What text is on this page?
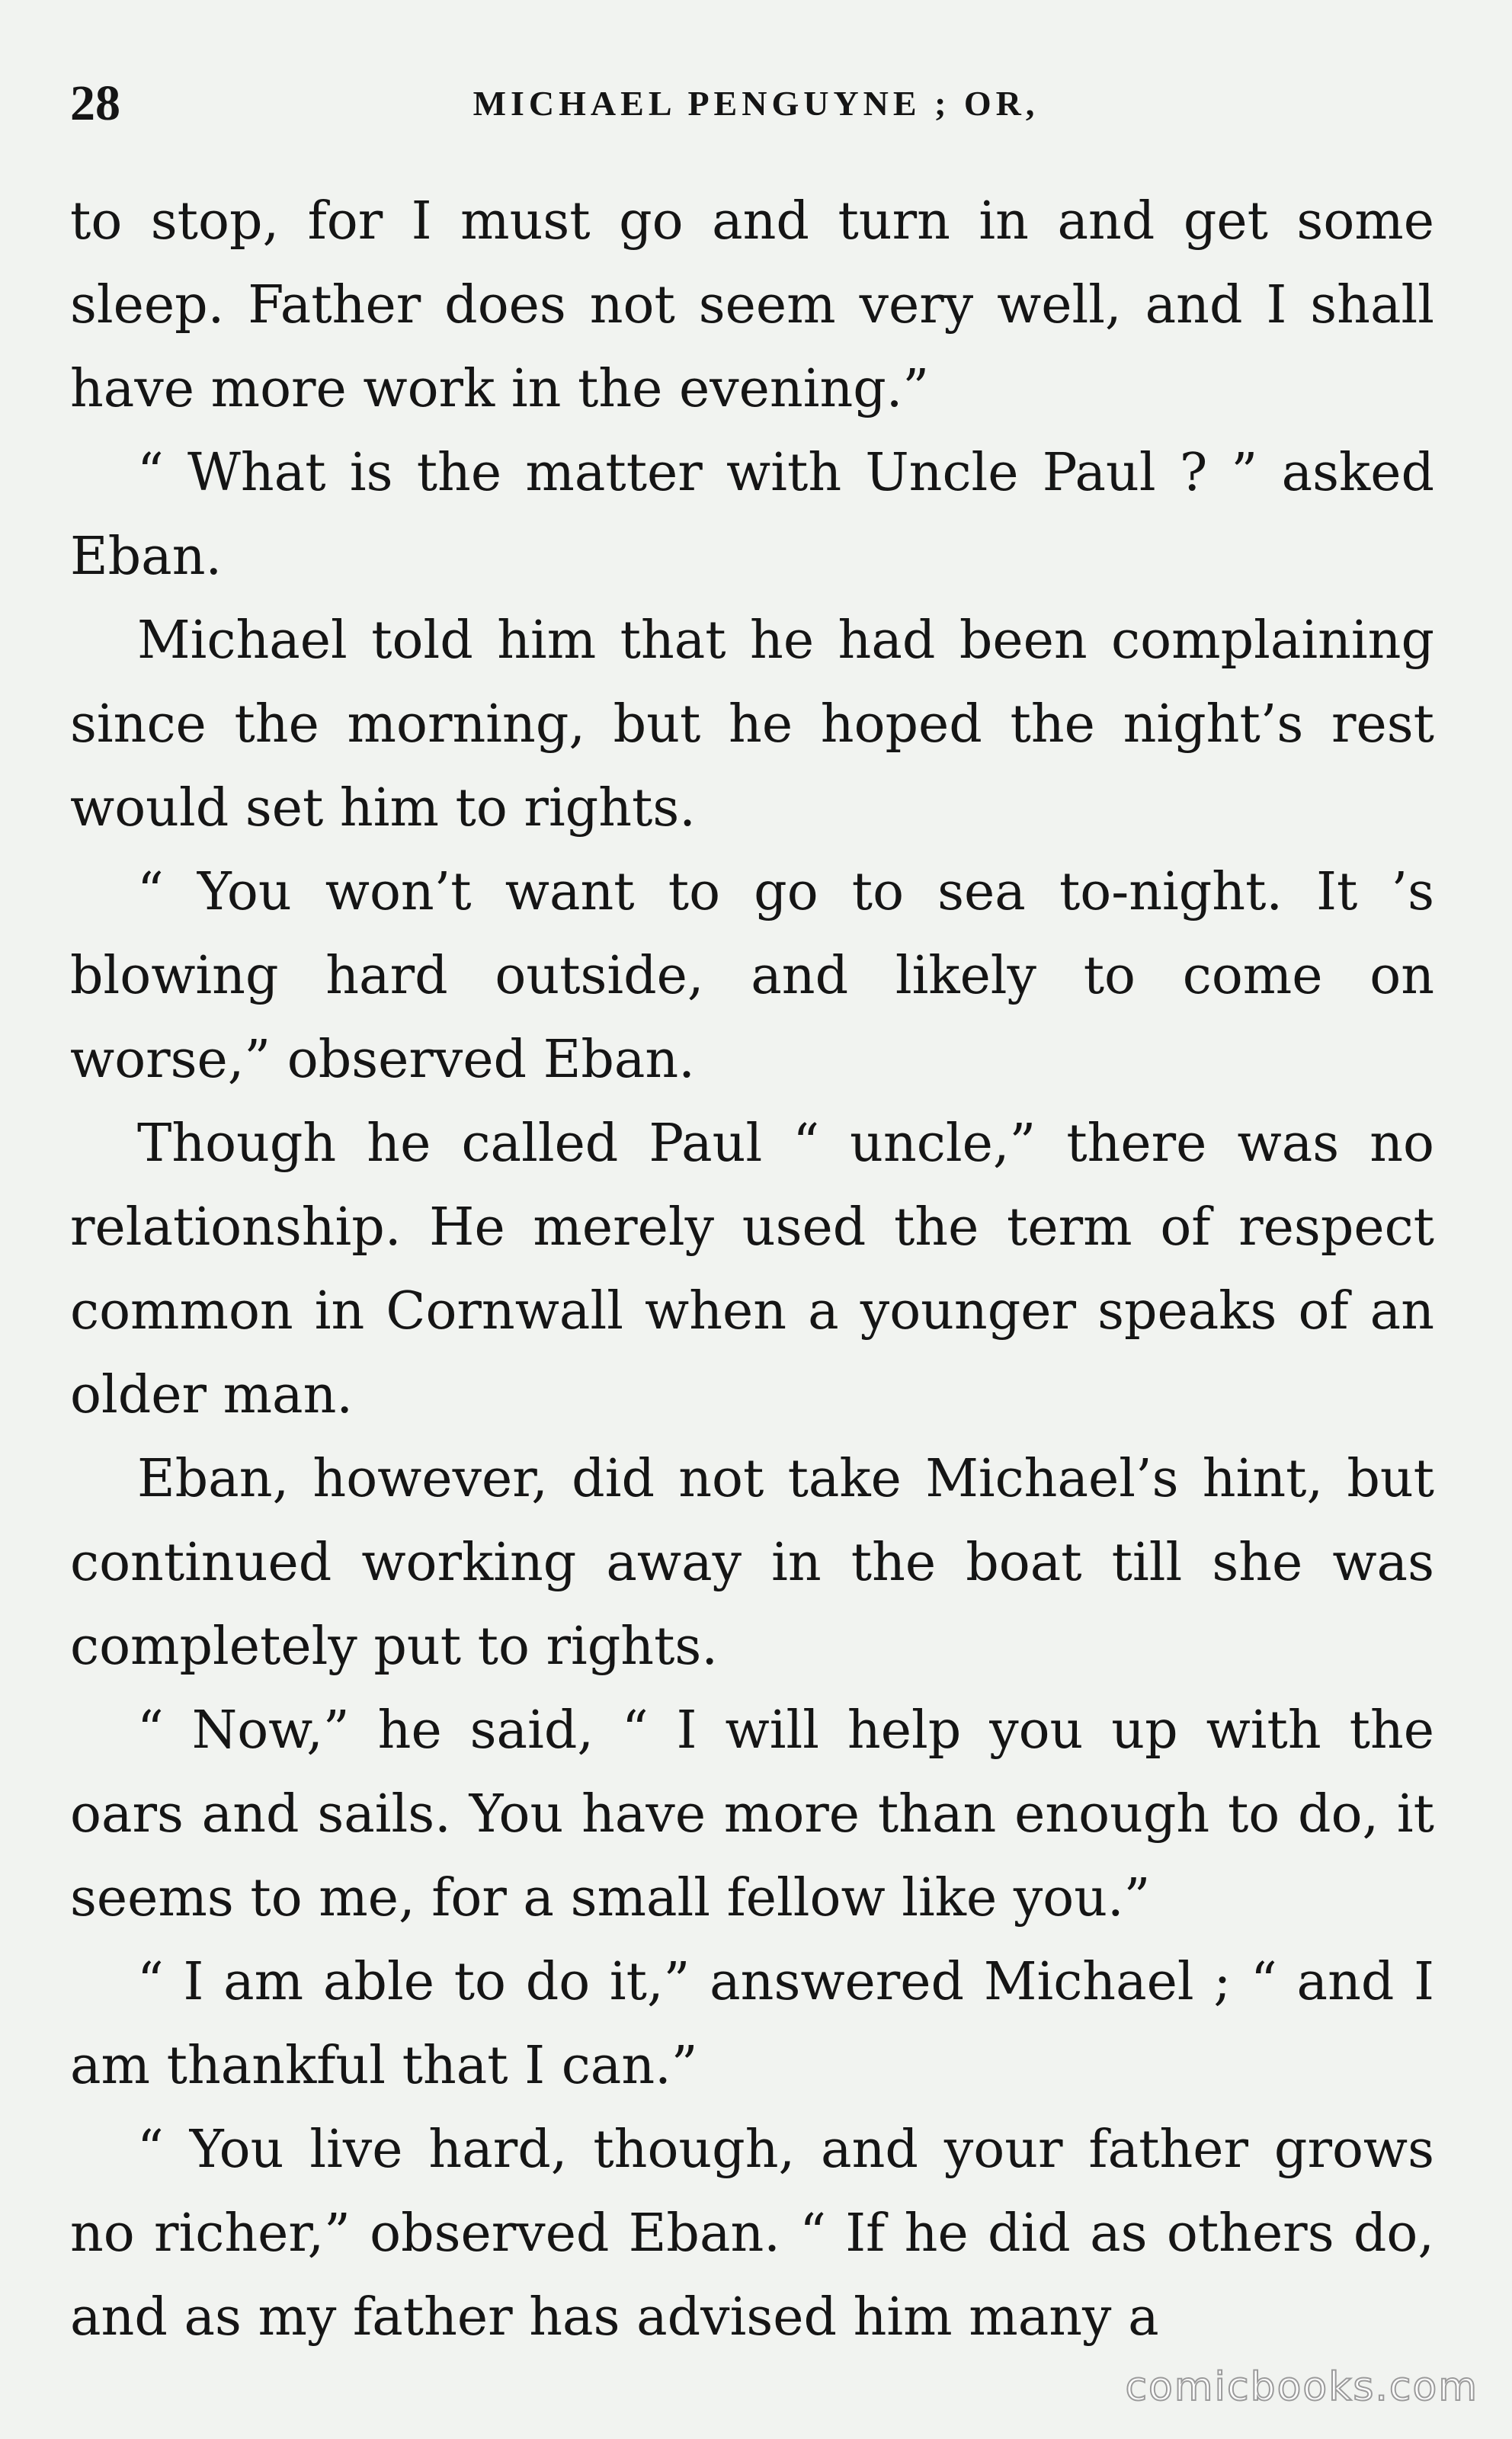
28	MICHAEL PENGUYNE ; OR,

to stop, for I must go and turn in and get some sleep. Father does not seem very well, and I shall have more work in the evening.”

“ What is the matter with Uncle Paul ? ” asked Eban.

Michael told him that he had been complaining since the morning, but he hoped the night’s rest would set him to rights.

“ You won’t want to go to sea to-night. It ’s blowing hard outside, and likely to come on worse,” observed Eban.

Though he called Paul “ uncle,” there was no relationship. He merely used the term of respect common in Cornwall when a younger speaks of an older man.

Eban, however, did not take Michael’s hint, but continued working away in the boat till she was completely put to rights.

“ Now,” he said, “ I will help you up with the oars and sails. You have more than enough to do, it seems to me, for a small fellow like you.”

“ I am able to do it,” answered Michael ; “ and I am thankful that I can.”

“ You live hard, though, and your father grows no richer,” observed Eban. “ If he did as others do, and as my father has advised him many a

comicbooks.com
